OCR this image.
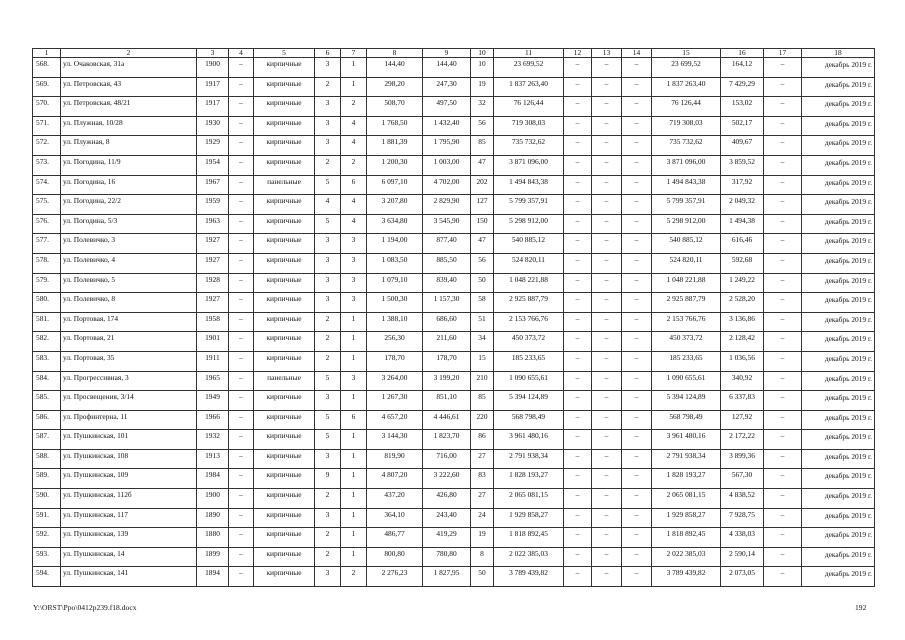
1	2	3	4	5	6	7	8	9	10	11	12	13	14	15	16	17	18
568.	ул. Очаковская, 31а	1900	–	кирпичные	3	1	144,40	144,40	10	23 699,52	–	–	–	23 699,52	164,12	–	декабрь 2019 г.
569.	ул. Петровская, 43	1917	–	кирпичные	2	1	298,20	247,30	19	1 837 263,40	–	–	–	1 837 263,40	7 429,29	–	декабрь 2019 г.
570.	ул. Петровская, 48/21	1917	–	кирпичные	3	2	508,70	497,50	32	76 126,44	–	–	–	76 126,44	153,02	–	декабрь 2019 г.
571.	ул. Плужная, 10/28	1930	–	кирпичные	3	4	1 768,50	1 432,40	56	719 308,03	–	–	–	719 308,03	502,17	–	декабрь 2019 г.
572.	ул. Плужная, 8	1929	–	кирпичные	3	4	1 881,39	1 795,90	85	735 732,62	–	–	–	735 732,62	409,67	–	декабрь 2019 г.
573.	ул. Погодина, 11/9	1954	–	кирпичные	2	2	1 200,30	1 003,00	47	3 871 096,00	–	–	–	3 871 096,00	3 859,52	–	декабрь 2019 г.
574.	ул. Погодина, 16	1967	–	панельные	5	6	6 097,10	4 702,00	202	1 494 843,38	–	–	–	1 494 843,38	317,92	–	декабрь 2019 г.
575.	ул. Погодина, 22/2	1959	–	кирпичные	4	4	3 207,80	2 829,90	127	5 799 357,91	–	–	–	5 799 357,91	2 049,32	–	декабрь 2019 г.
576.	ул. Погодина, 5/3	1963	–	кирпичные	5	4	3 634,80	3 545,90	150	5 298 912,00	–	–	–	5 298 912,00	1 494,38	–	декабрь 2019 г.
577.	ул. Полевичко, 3	1927	–	кирпичные	3	3	1 194,00	877,40	47	540 885,12	–	–	–	540 885,12	616,46	–	декабрь 2019 г.
578.	ул. Полевичко, 4	1927	–	кирпичные	3	3	1 083,50	885,50	56	524 820,11	–	–	–	524 820,11	592,68	–	декабрь 2019 г.
579.	ул. Полевичко, 5	1928	–	кирпичные	3	3	1 079,10	839,40	50	1 048 221,88	–	–	–	1 048 221,88	1 249,22	–	декабрь 2019 г.
580.	ул. Полевичко, 8	1927	–	кирпичные	3	3	1 500,30	1 157,30	58	2 925 887,79	–	–	–	2 925 887,79	2 528,20	–	декабрь 2019 г.
581.	ул. Портовая, 174	1958	–	кирпичные	2	1	1 388,10	686,60	51	2 153 766,76	–	–	–	2 153 766,76	3 136,86	–	декабрь 2019 г.
582.	ул. Портовая, 21	1901	–	кирпичные	2	1	256,30	211,60	34	450 373,72	–	–	–	450 373,72	2 128,42	–	декабрь 2019 г.
583.	ул. Портовая, 35	1911	–	кирпичные	2	1	178,70	178,70	15	185 233,65	–	–	–	185 233,65	1 036,56	–	декабрь 2019 г.
584.	ул. Прогрессивная, 3	1965	–	панельные	5	3	3 264,00	3 199,20	210	1 090 655,61	–	–	–	1 090 655,61	340,92	–	декабрь 2019 г.
585.	ул. Просвещения, 3/14	1949	–	кирпичные	3	1	1 267,30	851,10	85	5 394 124,89	–	–	–	5 394 124,89	6 337,83	–	декабрь 2019 г.
586.	ул. Профинтерна, 11	1966	–	кирпичные	5	6	4 657,20	4 446,61	220	568 798,49	–	–	–	568 798,49	127,92	–	декабрь 2019 г.
587.	ул. Пушкинская, 101	1932	–	кирпичные	5	1	3 144,30	1 823,70	86	3 961 480,16	–	–	–	3 961 480,16	2 172,22	–	декабрь 2019 г.
588.	ул. Пушкинская, 108	1913	–	кирпичные	3	1	819,90	716,00	27	2 791 938,34	–	–	–	2 791 938,34	3 899,36	–	декабрь 2019 г.
589.	ул. Пушкинская, 109	1984	–	кирпичные	9	1	4 807,20	3 222,60	83	1 828 193,27	–	–	–	1 828 193,27	567,30	–	декабрь 2019 г.
590.	ул. Пушкинская, 112б	1900	–	кирпичные	2	1	437,20	426,80	27	2 065 081,15	–	–	–	2 065 081,15	4 838,52	–	декабрь 2019 г.
591.	ул. Пушкинская, 117	1890	–	кирпичные	3	1	364,10	243,40	24	1 929 858,27	–	–	–	1 929 858,27	7 928,75	–	декабрь 2019 г.
592.	ул. Пушкинская, 139	1880	–	кирпичные	2	1	486,77	419,29	19	1 818 892,45	–	–	–	1 818 892,45	4 338,03	–	декабрь 2019 г.
593.	ул. Пушкинская, 14	1899	–	кирпичные	2	1	800,80	780,80	8	2 022 385,03	–	–	–	2 022 385,03	2 590,14	–	декабрь 2019 г.
594.	ул. Пушкинская, 141	1894	–	кирпичные	3	2	2 276,23	1 827,95	50	3 789 439,82	–	–	–	3 789 439,82	2 073,05	–	декабрь 2019 г.
Y:\ORST\Ppo\0412p239.f18.docx	192
